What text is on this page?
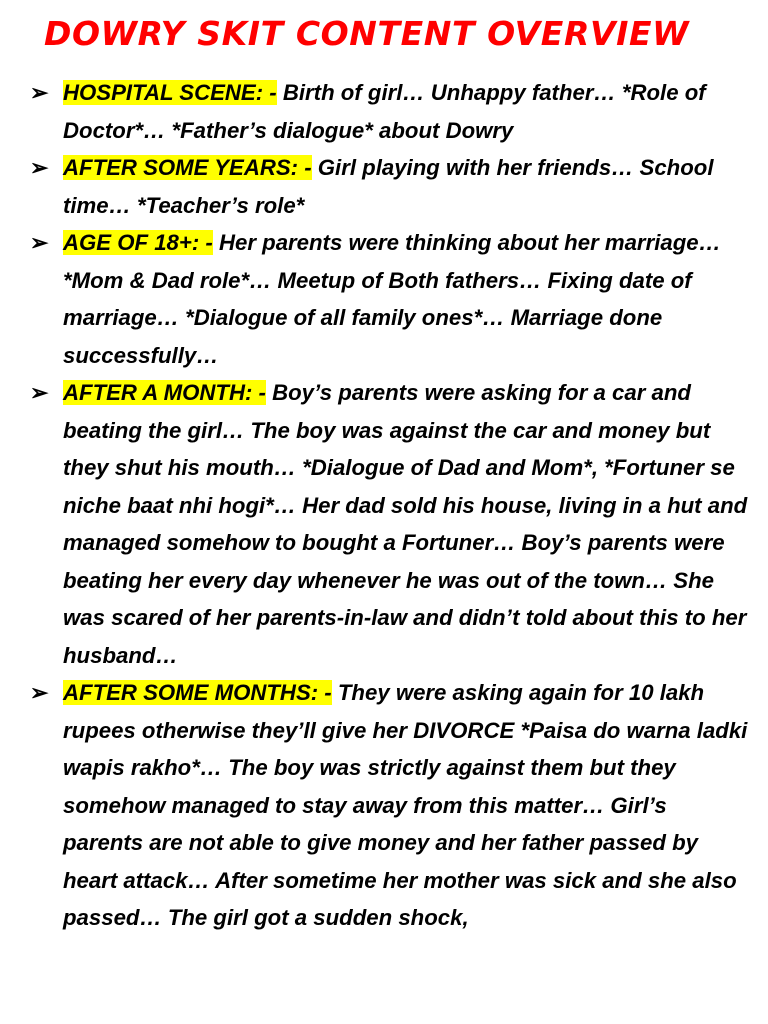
DOWRY SKIT CONTENT OVERVIEW
➢ HOSPITAL SCENE: - Birth of girl… Unhappy father… *Role of Doctor*… *Father’s dialogue* about Dowry
➢ AFTER SOME YEARS: - Girl playing with her friends… School time… *Teacher’s role*
➢ AGE OF 18+: - Her parents were thinking about her marriage… *Mom & Dad role*… Meetup of Both fathers… Fixing date of marriage… *Dialogue of all family ones*… Marriage done successfully…
➢ AFTER A MONTH: - Boy’s parents were asking for a car and beating the girl… The boy was against the car and money but they shut his mouth… *Dialogue of Dad and Mom*, *Fortuner se niche baat nhi hogi*… Her dad sold his house, living in a hut and managed somehow to bought a Fortuner… Boy’s parents were beating her every day whenever he was out of the town… She was scared of her parents-in-law and didn’t told about this to her husband…
➢ AFTER SOME MONTHS: - They were asking again for 10 lakh rupees otherwise they’ll give her DIVORCE *Paisa do warna ladki wapis rakho*… The boy was strictly against them but they somehow managed to stay away from this matter… Girl’s parents are not able to give money and her father passed by heart attack… After sometime her mother was sick and she also passed… The girl got a sudden shock,
